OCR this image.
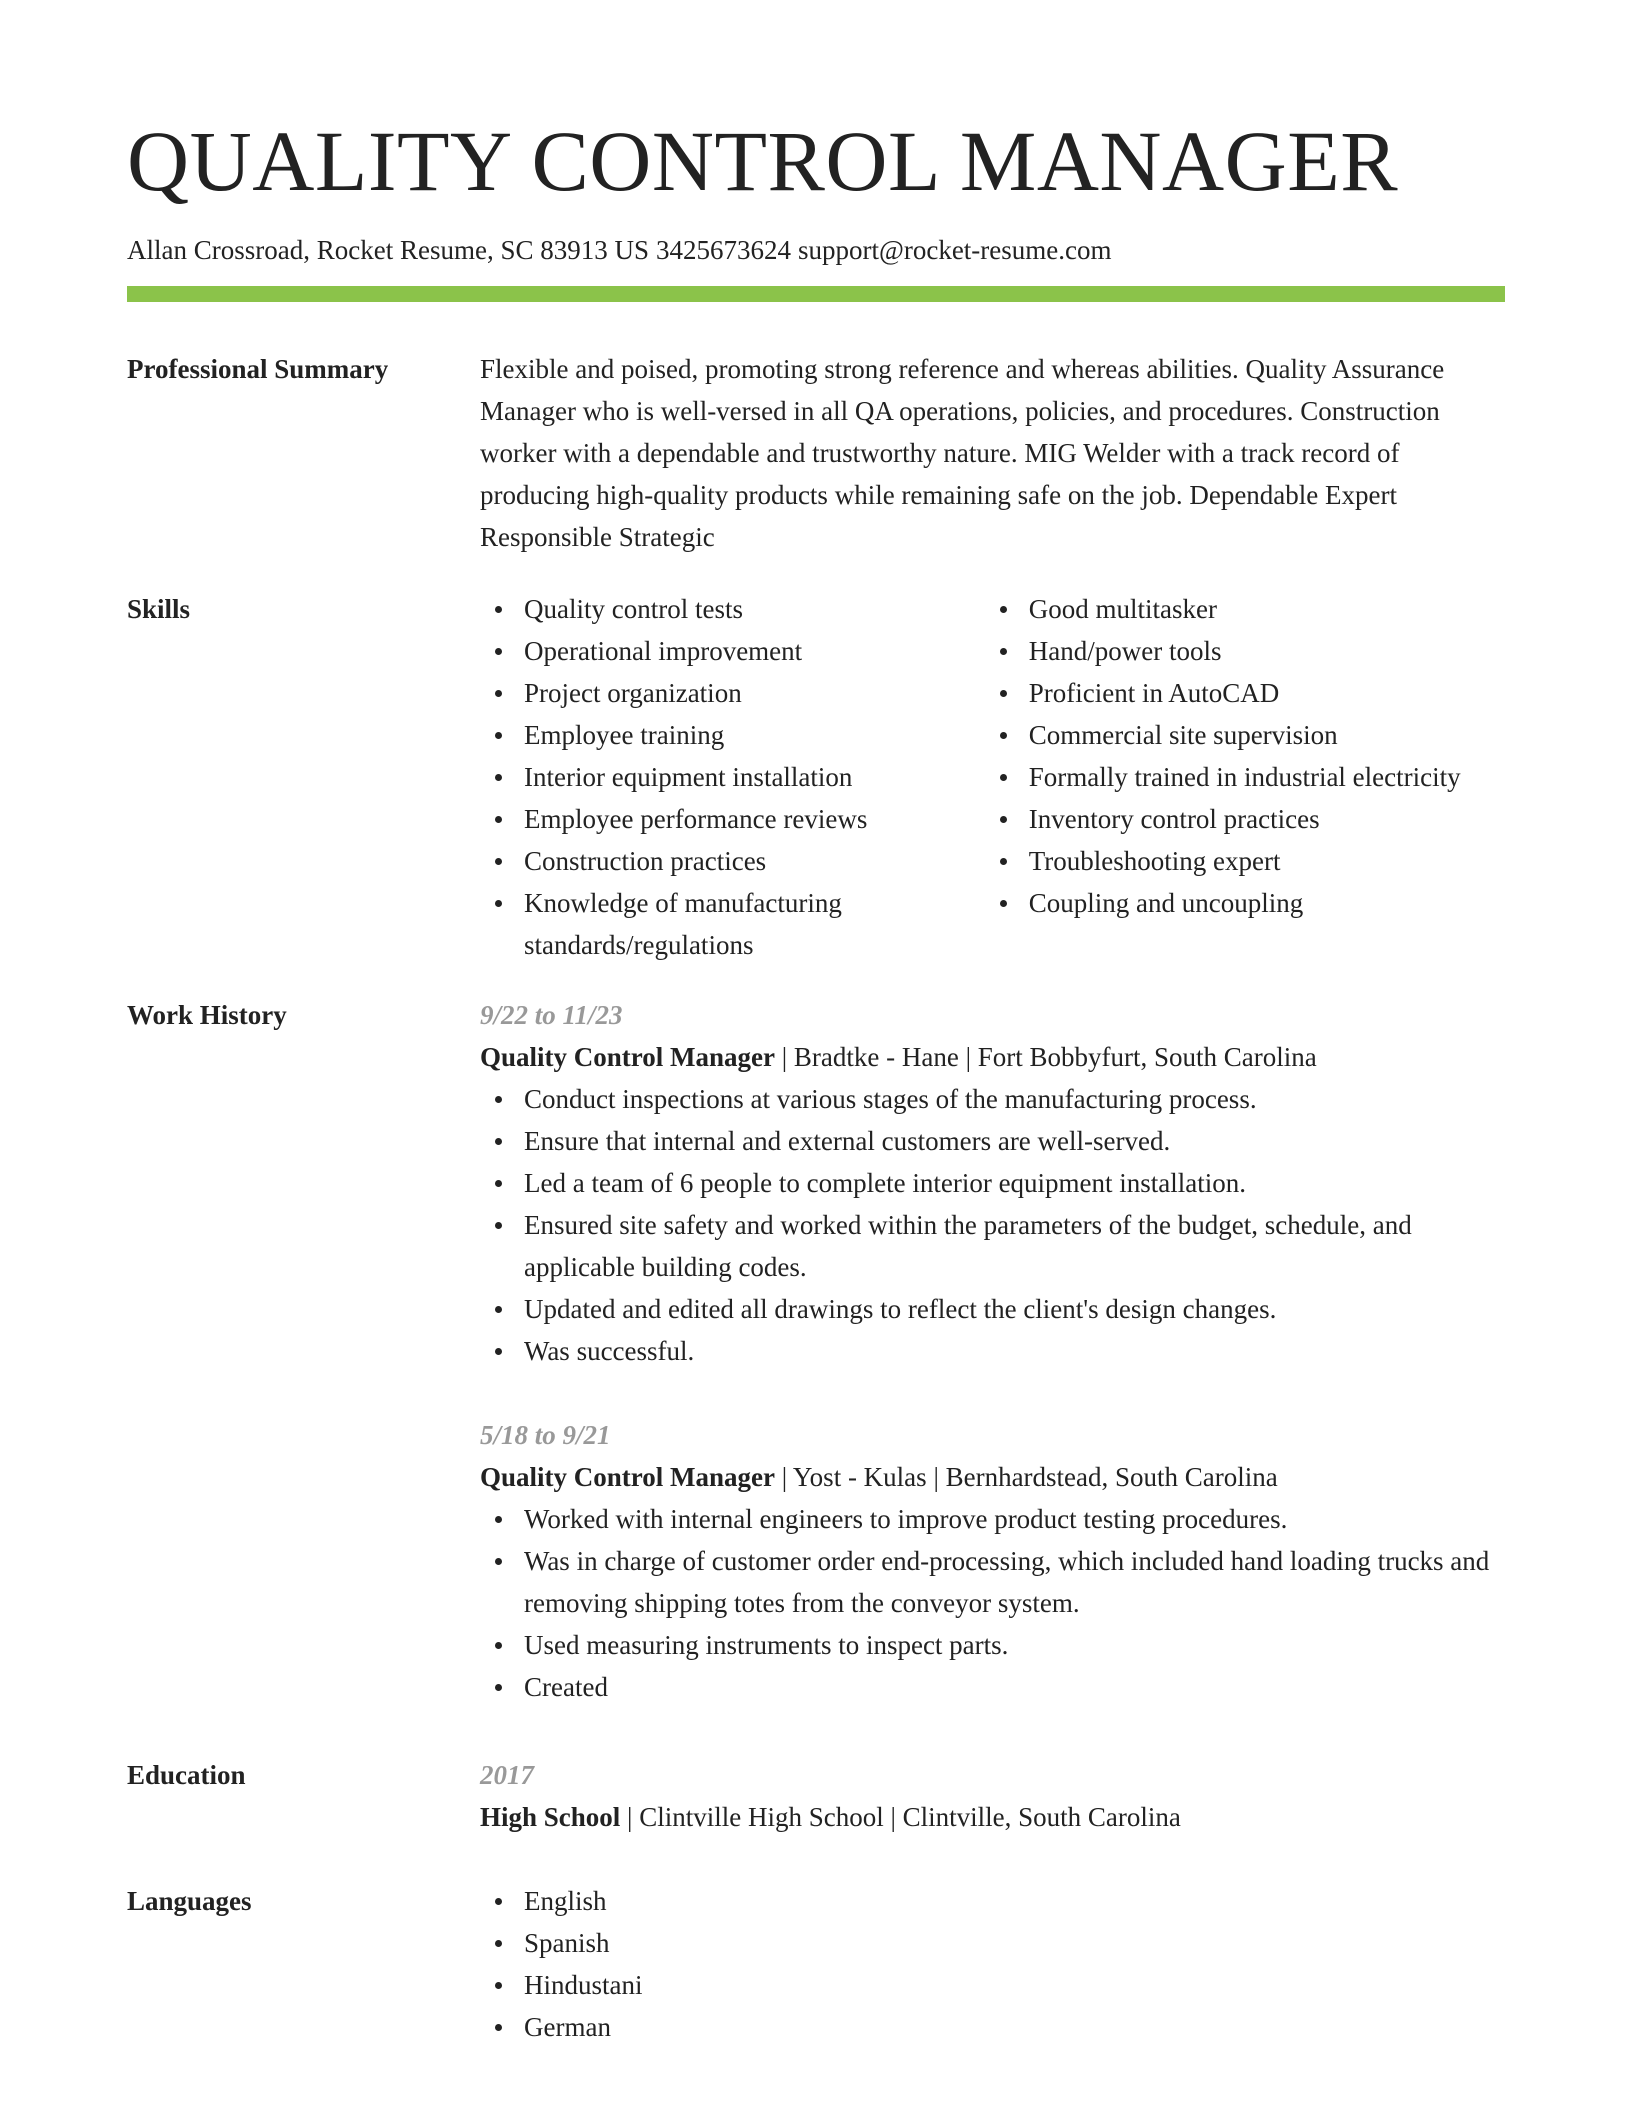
QUALITY CONTROL MANAGER
Allan Crossroad, Rocket Resume, SC 83913 US 3425673624 support@rocket-resume.com
Professional Summary	Flexible and poised, promoting strong reference and whereas abilities. Quality Assurance Manager who is well-versed in all QA operations, policies, and procedures. Construction worker with a dependable and trustworthy nature. MIG Welder with a track record of producing high-quality products while remaining safe on the job. Dependable Expert Responsible Strategic

Skills	Quality control tests
Operational improvement
Project organization
Employee training
Interior equipment installation
Employee performance reviews
Construction practices
Knowledge of manufacturing standards/regulations
Good multitasker
Hand/power tools
Proficient in AutoCAD
Commercial site supervision
Formally trained in industrial electricity
Inventory control practices
Troubleshooting expert
Coupling and uncoupling
Work History	9/22 to 11/23
Quality Control Manager | Bradtke - Hane | Fort Bobbyfurt, South Carolina
Conduct inspections at various stages of the manufacturing process.
Ensure that internal and external customers are well-served.
Led a team of 6 people to complete interior equipment installation.
Ensured site safety and worked within the parameters of the budget, schedule, and applicable building codes.
Updated and edited all drawings to reflect the client's design changes.
Was successful.
5/18 to 9/21
Quality Control Manager | Yost - Kulas | Bernhardstead, South Carolina
Worked with internal engineers to improve product testing procedures.
Was in charge of customer order end-processing, which included hand loading trucks and removing shipping totes from the conveyor system.
Used measuring instruments to inspect parts.
Created
Education	2017
High School | Clintville High School | Clintville, South Carolina
Languages	English
Spanish
Hindustani
German
